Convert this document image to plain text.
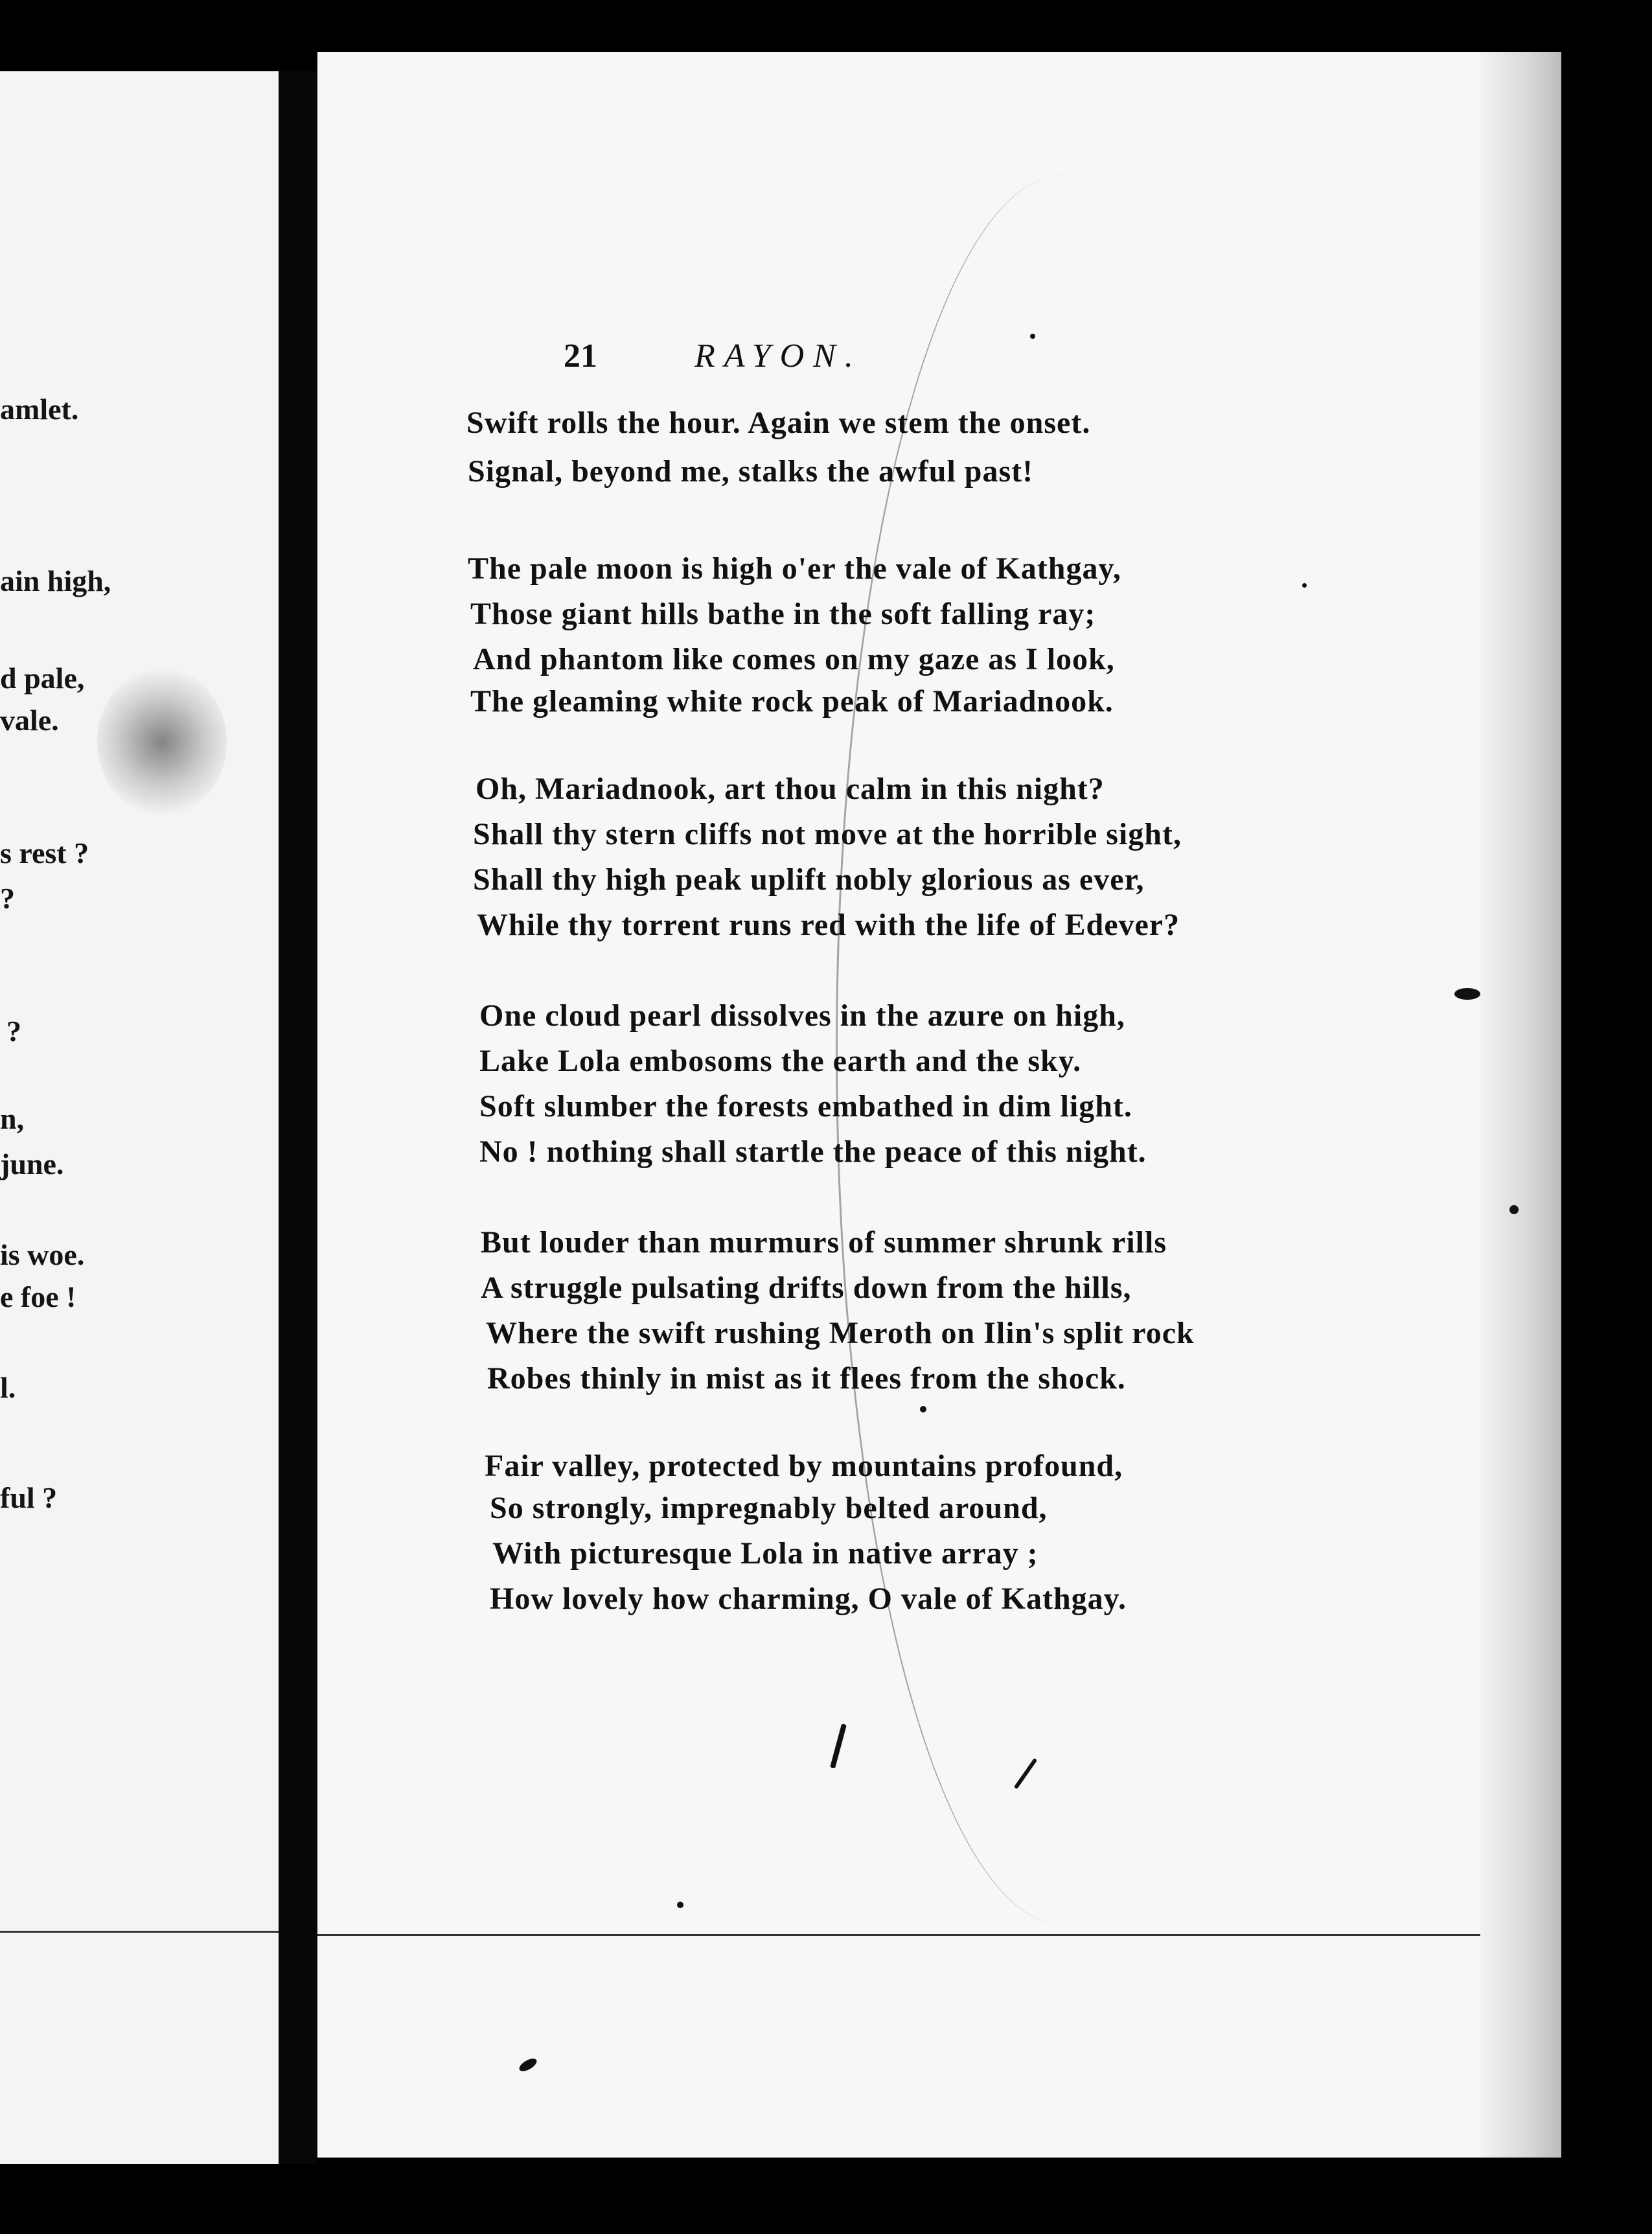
amlet.

ain high,

d pale,

vale.

s rest ?

?

?

n,

june.

is woe.

e foe !

l.

ful ?

21	RAYON.

Swift rolls the hour. Again we stem the onset.

Signal, beyond me, stalks the awful past!

The pale moon is high o'er the vale of Kathgay,

Those giant hills bathe in the soft falling ray;

And phantom like comes on my gaze as I look,

The gleaming white rock peak of Mariadnook.

Oh, Mariadnook, art thou calm in this night?

Shall thy stern cliffs not move at the horrible sight,

Shall thy high peak uplift nobly glorious as ever,

While thy torrent runs red with the life of Edever?

One cloud pearl dissolves in the azure on high,

Lake Lola embosoms the earth and the sky.

Soft slumber the forests embathed in dim light.

No ! nothing shall startle the peace of this night.

But louder than murmurs of summer shrunk rills

A struggle pulsating drifts down from the hills,

Where the swift rushing Meroth on Ilin's split rock

Robes thinly in mist as it flees from the shock.

Fair valley, protected by mountains profound,

So strongly, impregnably belted around,

With picturesque Lola in native array ;

How lovely how charming, O vale of Kathgay.
